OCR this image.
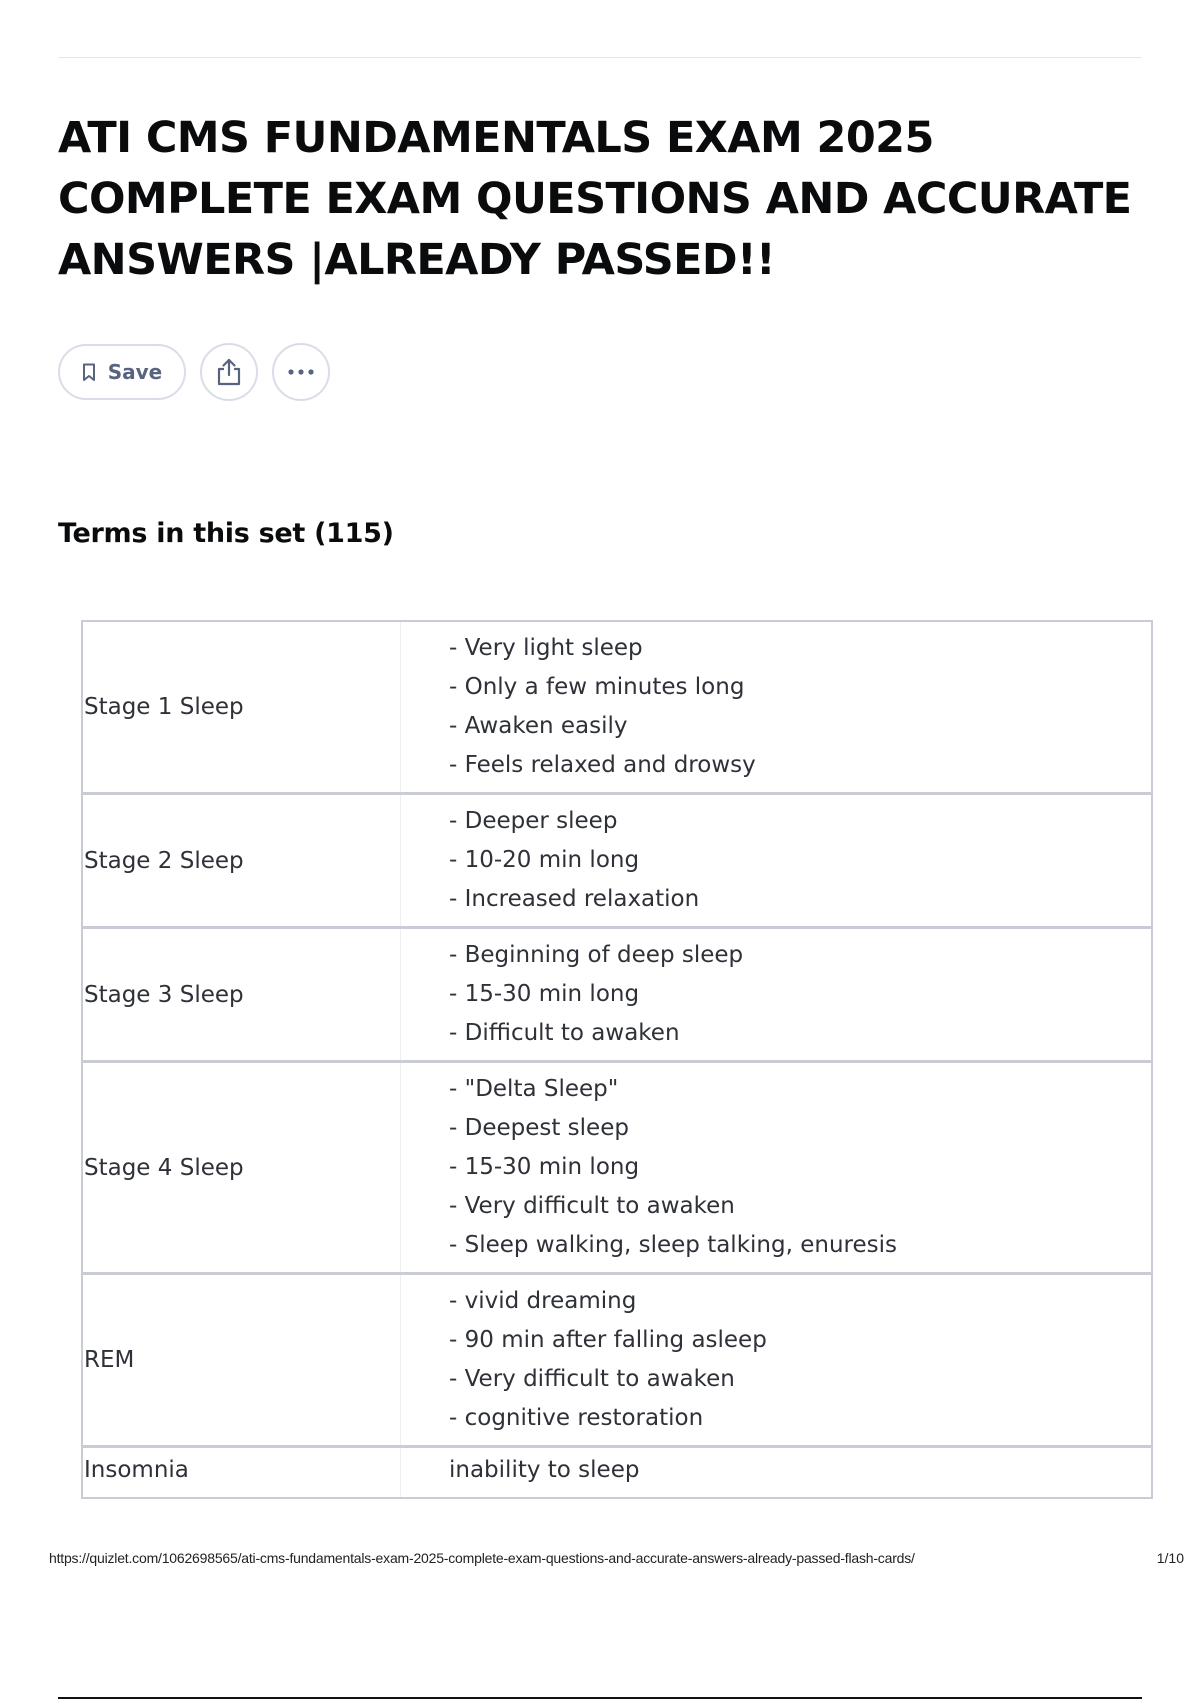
ATI CMS FUNDAMENTALS EXAM 2025
COMPLETE EXAM QUESTIONS AND ACCURATE
ANSWERS |ALREADY PASSED!!
Save
Terms in this set (115)
Stage 1 Sleep
- Very light sleep
- Only a few minutes long
- Awaken easily
- Feels relaxed and drowsy
Stage 2 Sleep
- Deeper sleep
- 10-20 min long
- Increased relaxation
Stage 3 Sleep
- Beginning of deep sleep
- 15-30 min long
- Difficult to awaken
Stage 4 Sleep
- "Delta Sleep"
- Deepest sleep
- 15-30 min long
- Very difficult to awaken
- Sleep walking, sleep talking, enuresis
REM
- vivid dreaming
- 90 min after falling asleep
- Very difficult to awaken
- cognitive restoration
Insomnia	inability to sleep
https://quizlet.com/1062698565/ati-cms-fundamentals-exam-2025-complete-exam-questions-and-accurate-answers-already-passed-flash-cards/	1/10
